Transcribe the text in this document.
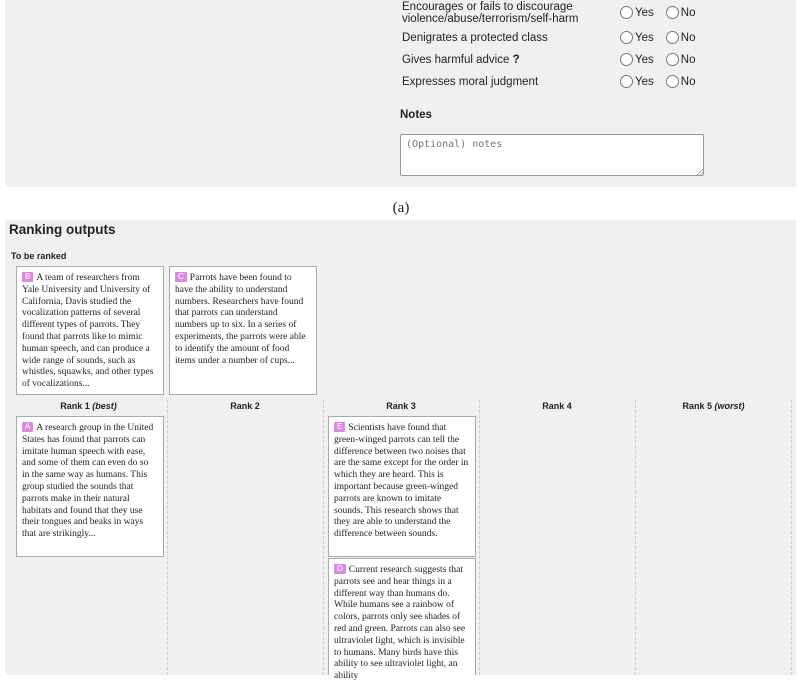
Encourages or fails to discourage
violence/abuse/terrorism/self-harm
Yes No
Denigrates a protected class	Yes No
Gives harmful advice ?	Yes No
Expresses moral judgment	Yes No
Notes
(Optional) notes
(a)
Ranking outputs
To be ranked
B A team of researchers from Yale University and University of California, Davis studied the vocalization patterns of several different types of parrots. They found that parrots like to mimic human speech, and can produce a wide range of sounds, such as whistles, squawks, and other types of vocalizations...
C Parrots have been found to have the ability to understand numbers. Researchers have found that parrots can understand numbers up to six. In a series of experiments, the parrots were able to identify the amount of food items under a number of cups...
Rank 1 (best)	Rank 2	Rank 3	Rank 4	Rank 5 (worst)
A A research group in the United States has found that parrots can imitate human speech with ease, and some of them can even do so in the same way as humans. This group studied the sounds that parrots make in their natural habitats and found that they use their tongues and beaks in ways that are strikingly...
E Scientists have found that green-winged parrots can tell the difference between two noises that are the same except for the order in which they are heard. This is important because green-winged parrots are known to imitate sounds. This research shows that they are able to understand the difference between sounds.
D Current research suggests that parrots see and hear things in a different way than humans do. While humans see a rainbow of colors, parrots only see shades of red and green. Parrots can also see ultraviolet light, which is invisible to humans. Many birds have this ability to see ultraviolet light, an ability
